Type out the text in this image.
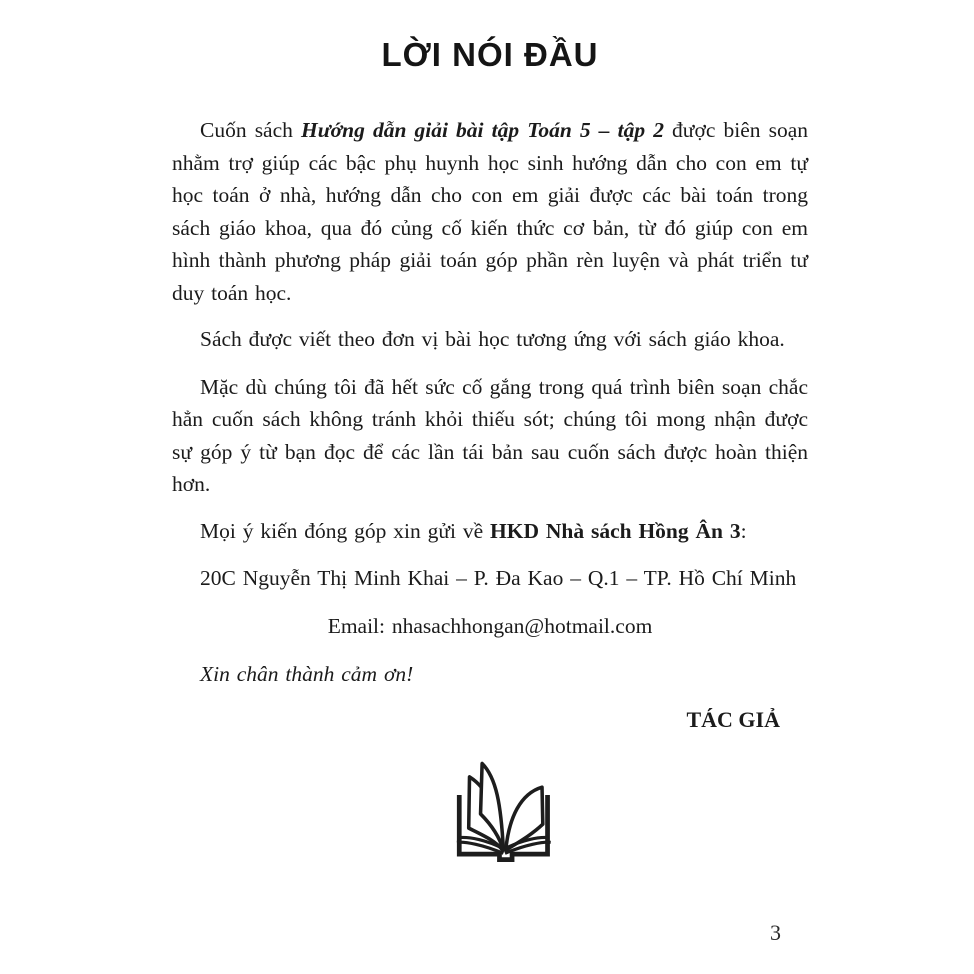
LỜI NÓI ĐẦU

Cuốn sách Hướng dẫn giải bài tập Toán 5 – tập 2 được biên soạn nhằm trợ giúp các bậc phụ huynh học sinh hướng dẫn cho con em tự học toán ở nhà, hướng dẫn cho con em giải được các bài toán trong sách giáo khoa, qua đó củng cố kiến thức cơ bản, từ đó giúp con em hình thành phương pháp giải toán góp phần rèn luyện và phát triển tư duy toán học.

Sách được viết theo đơn vị bài học tương ứng với sách giáo khoa.

Mặc dù chúng tôi đã hết sức cố gắng trong quá trình biên soạn chắc hẳn cuốn sách không tránh khỏi thiếu sót; chúng tôi mong nhận được sự góp ý từ bạn đọc để các lần tái bản sau cuốn sách được hoàn thiện hơn.

Mọi ý kiến đóng góp xin gửi về HKD Nhà sách Hồng Ân 3:

20C Nguyễn Thị Minh Khai – P. Đa Kao – Q.1 – TP. Hồ Chí Minh

Email: nhasachhongan@hotmail.com

Xin chân thành cảm ơn!

TÁC GIẢ

3
